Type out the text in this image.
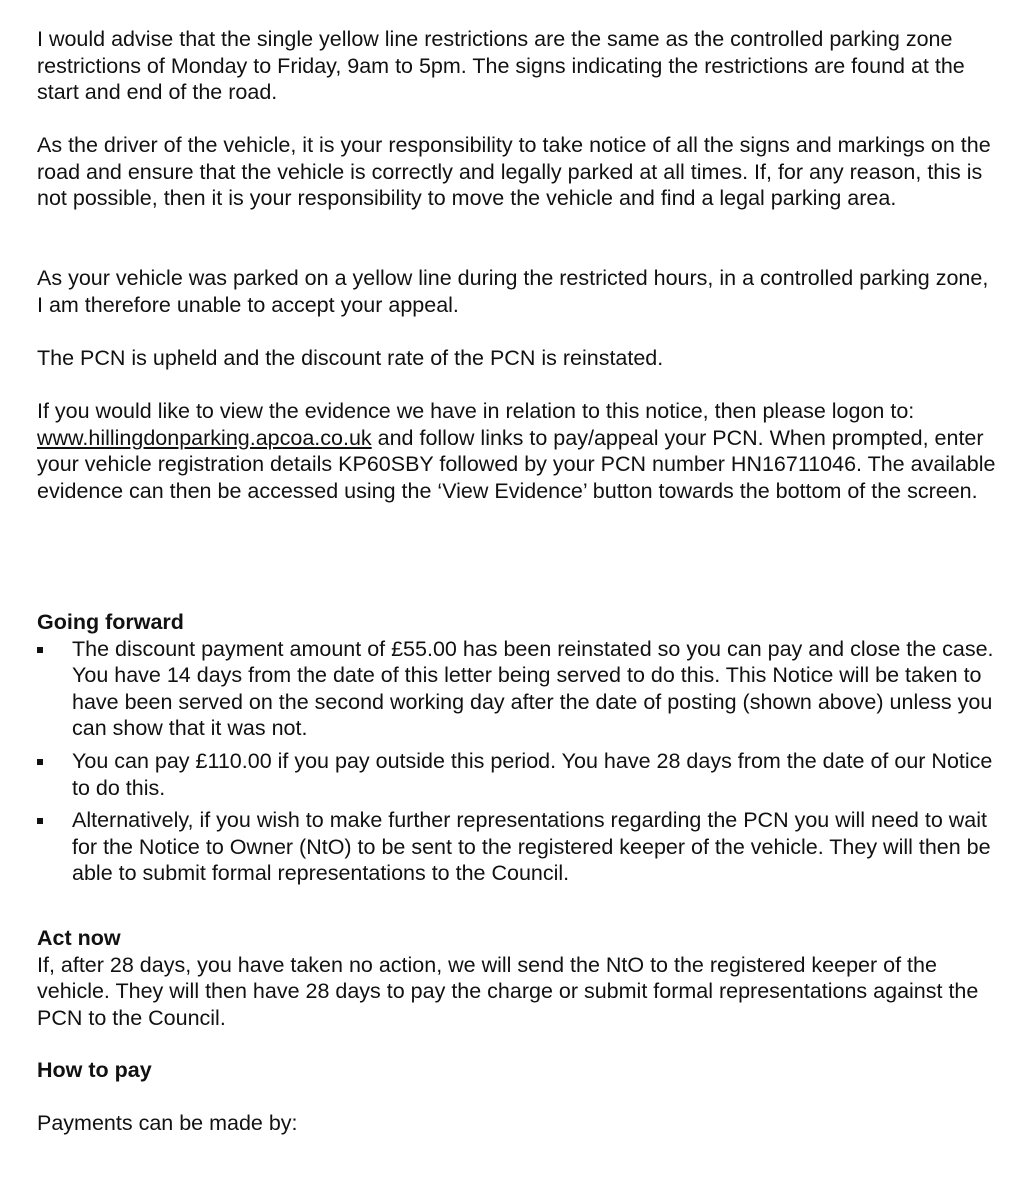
I would advise that the single yellow line restrictions are the same as the controlled parking zone restrictions of Monday to Friday, 9am to 5pm. The signs indicating the restrictions are found at the start and end of the road.

As the driver of the vehicle, it is your responsibility to take notice of all the signs and markings on the road and ensure that the vehicle is correctly and legally parked at all times. If, for any reason, this is not possible, then it is your responsibility to move the vehicle and find a legal parking area.

As your vehicle was parked on a yellow line during the restricted hours, in a controlled parking zone, I am therefore unable to accept your appeal.

The PCN is upheld and the discount rate of the PCN is reinstated.

If you would like to view the evidence we have in relation to this notice, then please logon to: www.hillingdonparking.apcoa.co.uk and follow links to pay/appeal your PCN. When prompted, enter your vehicle registration details KP60SBY followed by your PCN number HN16711046. The available evidence can then be accessed using the ‘View Evidence’ button towards the bottom of the screen.

Going forward

The discount payment amount of £55.00 has been reinstated so you can pay and close the case. You have 14 days from the date of this letter being served to do this. This Notice will be taken to have been served on the second working day after the date of posting (shown above) unless you can show that it was not.
You can pay £110.00 if you pay outside this period. You have 28 days from the date of our Notice to do this.
Alternatively, if you wish to make further representations regarding the PCN you will need to wait for the Notice to Owner (NtO) to be sent to the registered keeper of the vehicle. They will then be able to submit formal representations to the Council.

Act now

If, after 28 days, you have taken no action, we will send the NtO to the registered keeper of the vehicle. They will then have 28 days to pay the charge or submit formal representations against the PCN to the Council.

How to pay

Payments can be made by:
